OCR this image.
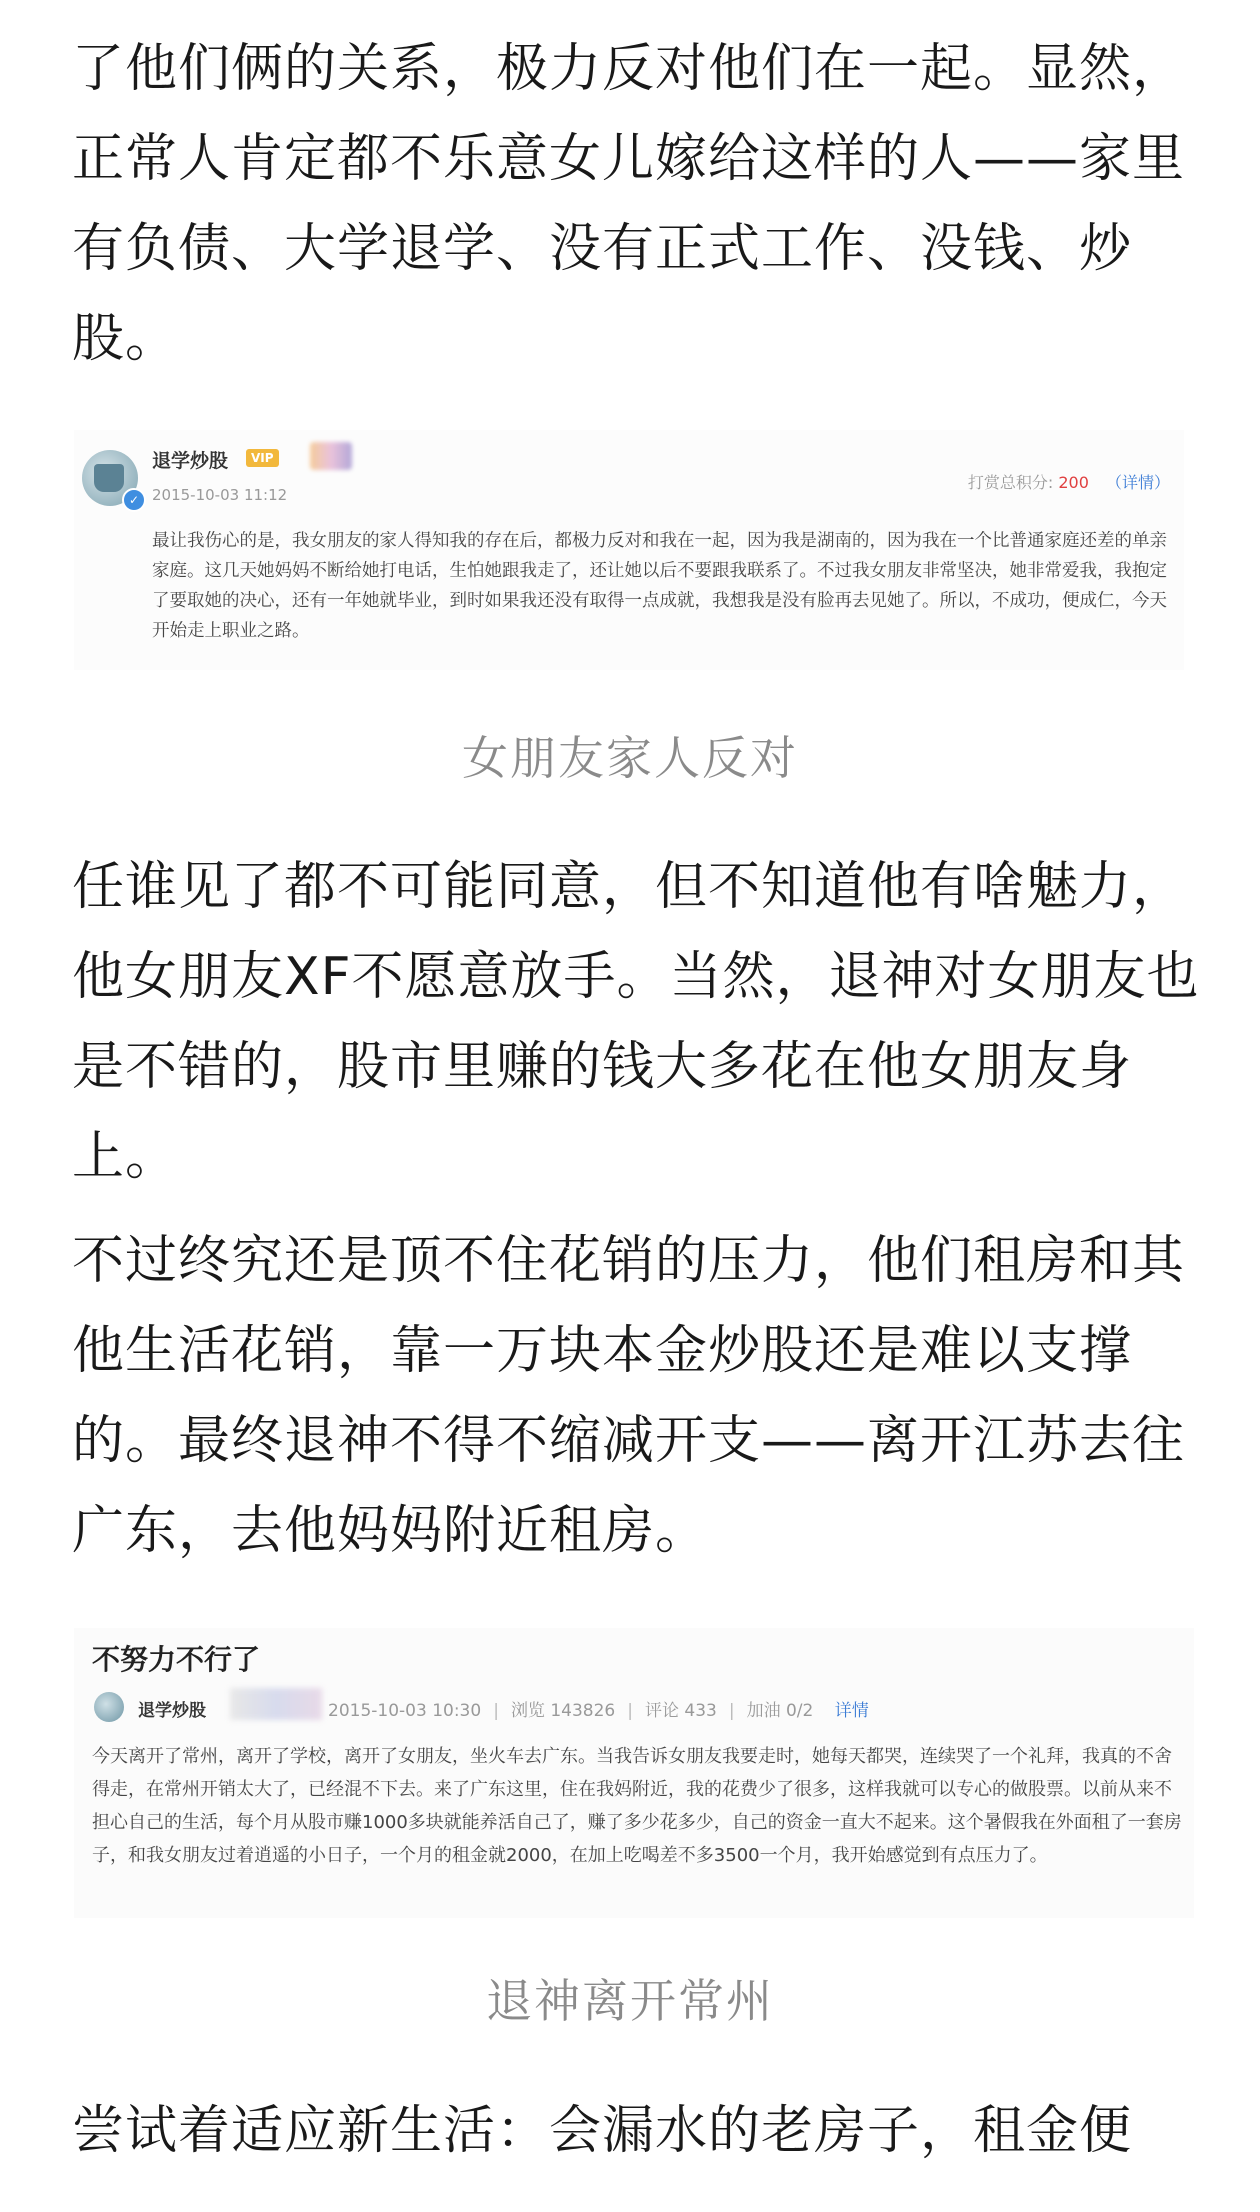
了他们俩的关系，极力反对他们在一起。显然，正常人肯定都不乐意女儿嫁给这样的人——家里有负债、大学退学、没有正式工作、没钱、炒股。

✓
退学炒股	VIP
2015-10-03 11:12
打赏总积分: 200 （详情）
最让我伤心的是，我女朋友的家人得知我的存在后，都极力反对和我在一起，因为我是湖南的，因为我在一个比普通家庭还差的单亲家庭。这几天她妈妈不断给她打电话，生怕她跟我走了，还让她以后不要跟我联系了。不过我女朋友非常坚决，她非常爱我，我抱定了要取她的决心，还有一年她就毕业，到时如果我还没有取得一点成就，我想我是没有脸再去见她了。所以，不成功，便成仁，今天开始走上职业之路。
女朋友家人反对

任谁见了都不可能同意，但不知道他有啥魅力，他女朋友XF不愿意放手。当然，退神对女朋友也是不错的，股市里赚的钱大多花在他女朋友身上。

不过终究还是顶不住花销的压力，他们租房和其他生活花销，靠一万块本金炒股还是难以支撑的。最终退神不得不缩减开支——离开江苏去往广东，去他妈妈附近租房。

不努力不行了
退学炒股	2015-10-03 10:30 | 浏览 143826 | 评论 433 | 加油 0/2 详情
今天离开了常州，离开了学校，离开了女朋友，坐火车去广东。当我告诉女朋友我要走时，她每天都哭，连续哭了一个礼拜，我真的不舍得走，在常州开销太大了，已经混不下去。来了广东这里，住在我妈附近，我的花费少了很多，这样我就可以专心的做股票。以前从来不担心自己的生活，每个月从股市赚1000多块就能养活自己了，赚了多少花多少，自己的资金一直大不起来。这个暑假我在外面租了一套房子，和我女朋友过着逍遥的小日子，一个月的租金就2000，在加上吃喝差不多3500一个月，我开始感觉到有点压力了。
退神离开常州

尝试着适应新生活：会漏水的老房子，租金便
